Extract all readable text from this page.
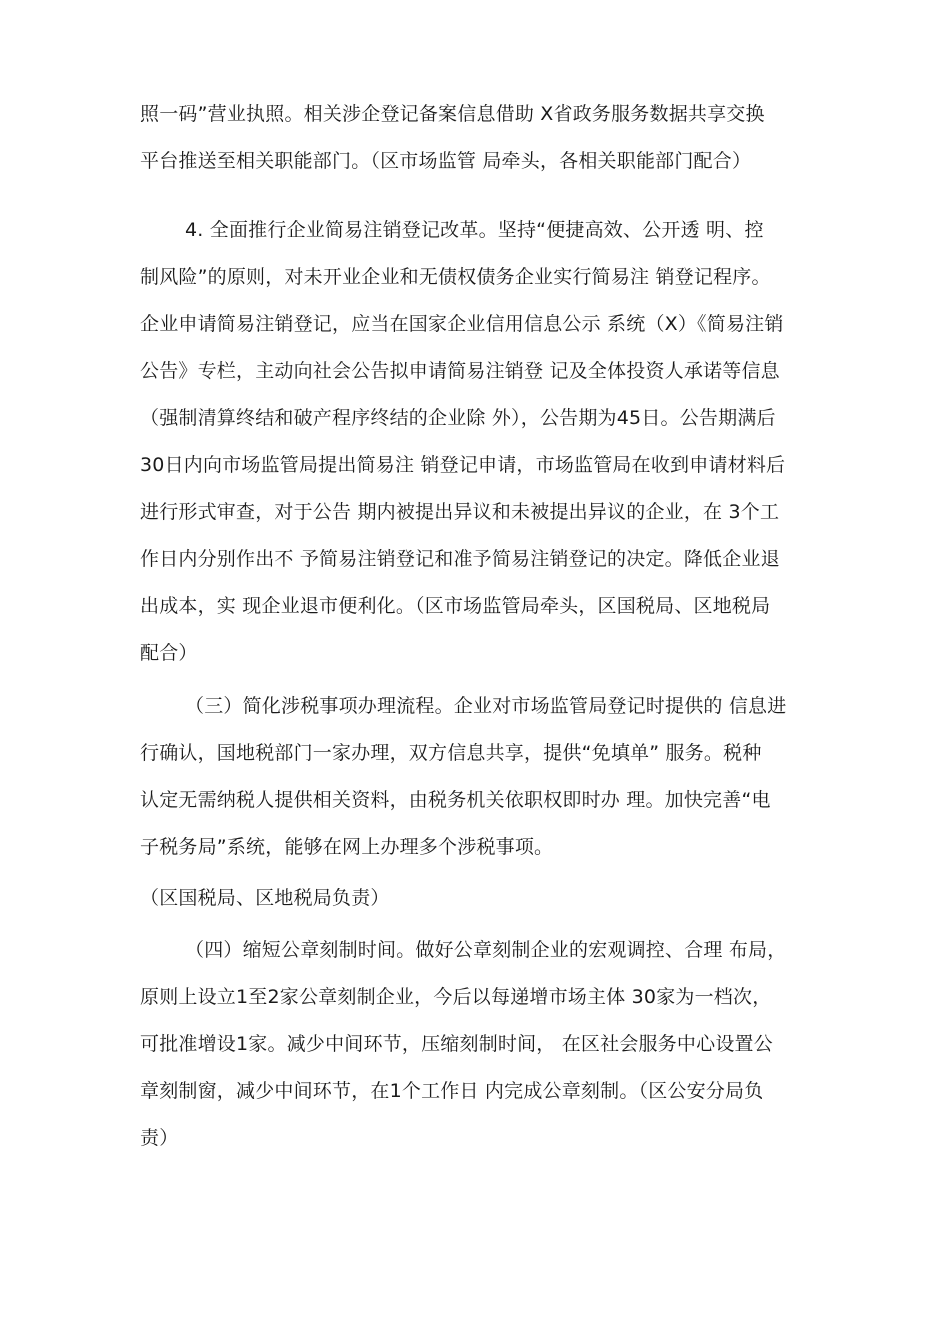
照一码”营业执照。相关涉企登记备案信息借助 X省政务服务数据共享交换

平台推送至相关职能部门。（区市场监管 局牵头，各相关职能部门配合）

4. 全面推行企业简易注销登记改革。坚持“便捷高效、公开透 明、控

制风险”的原则，对未开业企业和无债权债务企业实行简易注 销登记程序。

企业申请简易注销登记，应当在国家企业信用信息公示 系统（X）《简易注销

公告》专栏，主动向社会公告拟申请简易注销登 记及全体投资人承诺等信息

（强制清算终结和破产程序终结的企业除 外），公告期为45日。公告期满后

30日内向市场监管局提出简易注 销登记申请，市场监管局在收到申请材料后

进行形式审查，对于公告 期内被提出异议和未被提出异议的企业，在 3个工

作日内分别作出不 予简易注销登记和准予简易注销登记的决定。降低企业退

出成本，实 现企业退市便利化。（区市场监管局牵头，区国税局、区地税局

配合）

（三）简化涉税事项办理流程。企业对市场监管局登记时提供的 信息进

行确认，国地税部门一家办理，双方信息共享，提供“免填单” 服务。税种

认定无需纳税人提供相关资料，由税务机关依职权即时办 理。加快完善“电

子税务局”系统，能够在网上办理多个涉税事项。

（区国税局、区地税局负责）

（四）缩短公章刻制时间。做好公章刻制企业的宏观调控、合理 布局，

原则上设立1至2家公章刻制企业，今后以每递增市场主体 30家为一档次，

可批准增设1家。减少中间环节，压缩刻制时间， 在区社会服务中心设置公

章刻制窗，减少中间环节，在1个工作日 内完成公章刻制。（区公安分局负

责）
